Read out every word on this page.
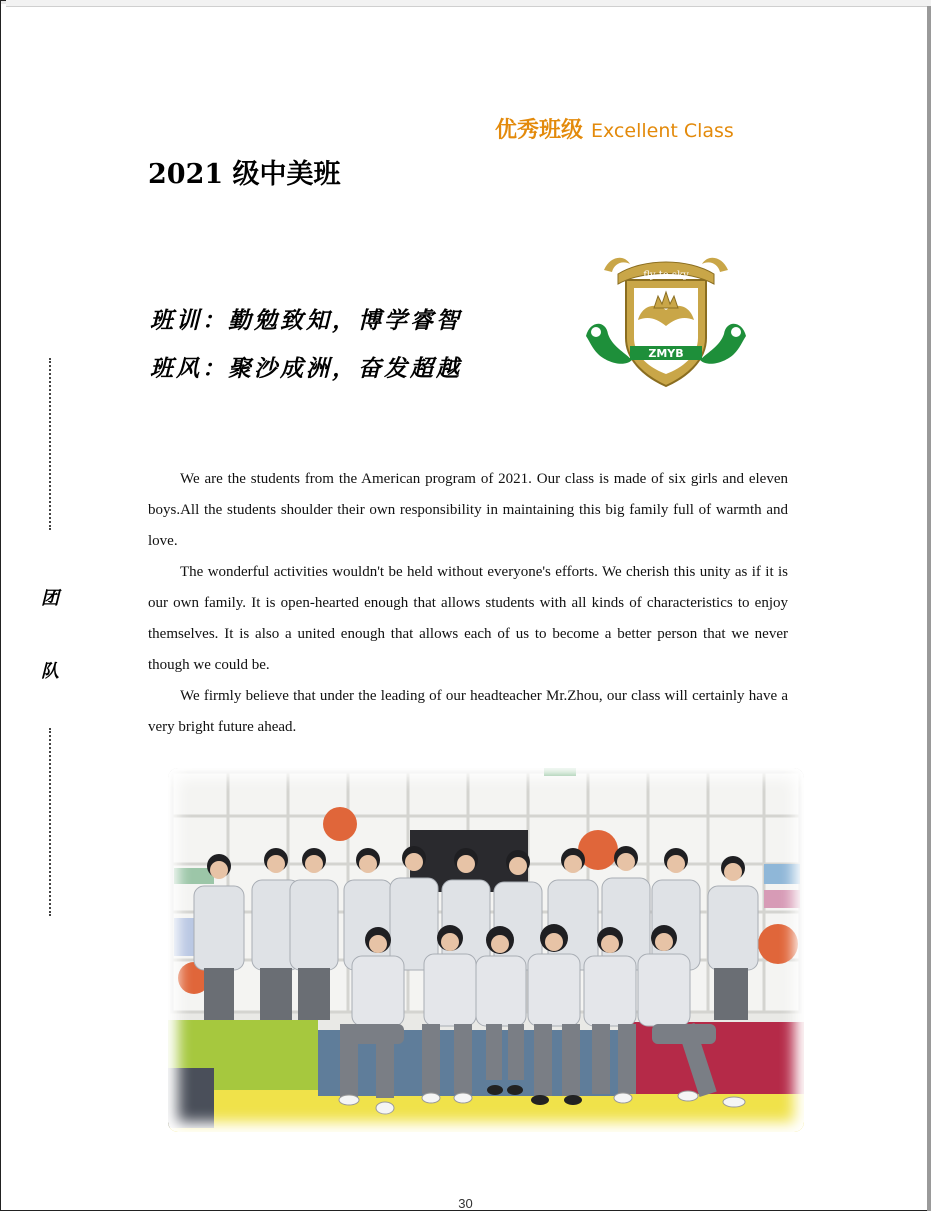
优秀班级 Excellent Class
2021 级中美班
班训：勤勉致知，博学睿智
班风：聚沙成洲，奋发超越
ZMYB
fly to sky
团
队

We are the students from the American program of 2021. Our class is made of six girls and eleven boys.All the students shoulder their own responsibility in maintaining this big family full of warmth and love.

The wonderful activities wouldn't be held without everyone's efforts. We cherish this unity as if it is our own family. It is open-hearted enough that allows students with all kinds of characteristics to enjoy themselves. It is also a united enough that allows each of us to become a better person that we never though we could be.

We firmly believe that under the leading of our headteacher Mr.Zhou, our class will certainly have a very bright future ahead.

30
